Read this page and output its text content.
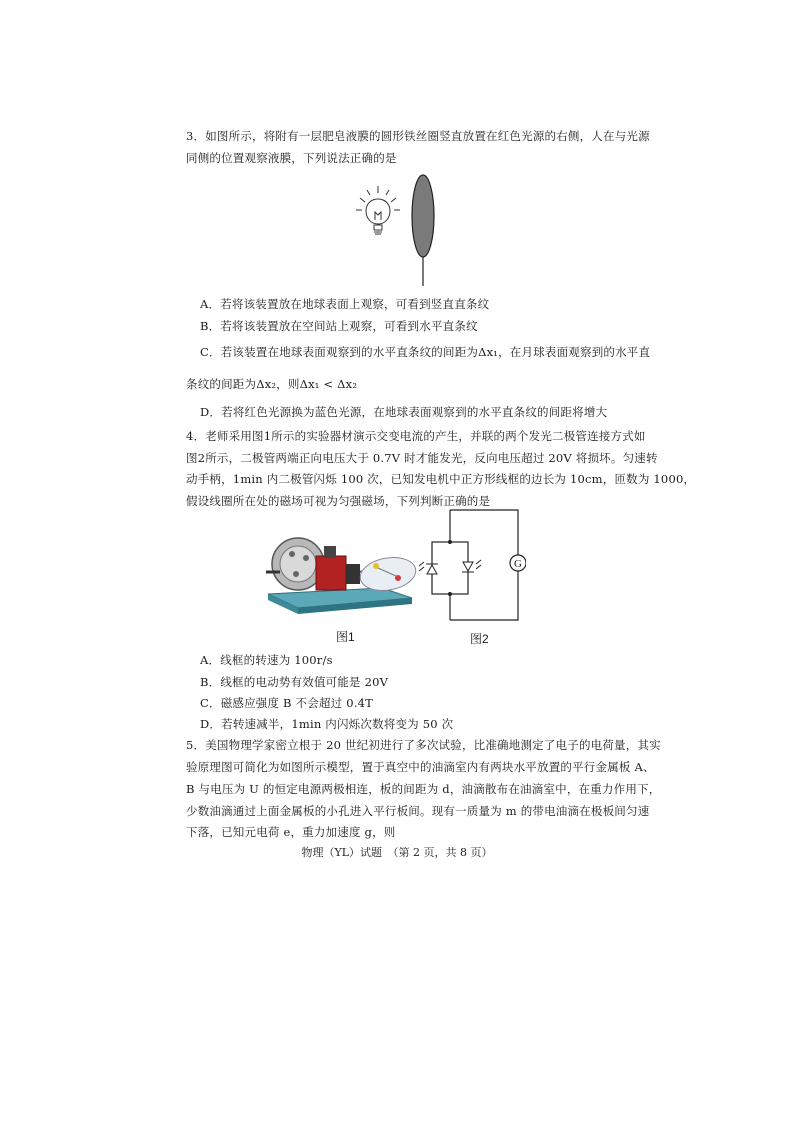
3．如图所示，将附有一层肥皂液膜的圆形铁丝圈竖直放置在红色光源的右侧，人在与光源
同侧的位置观察液膜，下列说法正确的是
A．若将该装置放在地球表面上观察，可看到竖直直条纹
B．若将该装置放在空间站上观察，可看到水平直条纹
C．若该装置在地球表面观察到的水平直条纹的间距为Δx₁，在月球表面观察到的水平直
条纹的间距为Δx₂，则Δx₁ < Δx₂
D．若将红色光源换为蓝色光源，在地球表面观察到的水平直条纹的间距将增大
4．老师采用图1所示的实验器材演示交变电流的产生，并联的两个发光二极管连接方式如
图2所示，二极管两端正向电压大于 0.7V 时才能发光，反向电压超过 20V 将损坏。匀速转
动手柄，1min 内二极管闪烁 100 次，已知发电机中正方形线框的边长为 10cm，匝数为 1000，
假设线圈所在处的磁场可视为匀强磁场，下列判断正确的是
图1
G
图2
A．线框的转速为 100r/s
B．线框的电动势有效值可能是 20V
C．磁感应强度 B 不会超过 0.4T
D．若转速减半，1min 内闪烁次数将变为 50 次
5．美国物理学家密立根于 20 世纪初进行了多次试验，比准确地测定了电子的电荷量，其实
验原理图可简化为如图所示模型，置于真空中的油滴室内有两块水平放置的平行金属板 A、
B 与电压为 U 的恒定电源两极相连，板的间距为 d，油滴散布在油滴室中，在重力作用下，
少数油滴通过上面金属板的小孔进入平行板间。现有一质量为 m 的带电油滴在极板间匀速
下落，已知元电荷 e，重力加速度 g，则
物理（YL）试题　（第 2 页，共 8 页）
